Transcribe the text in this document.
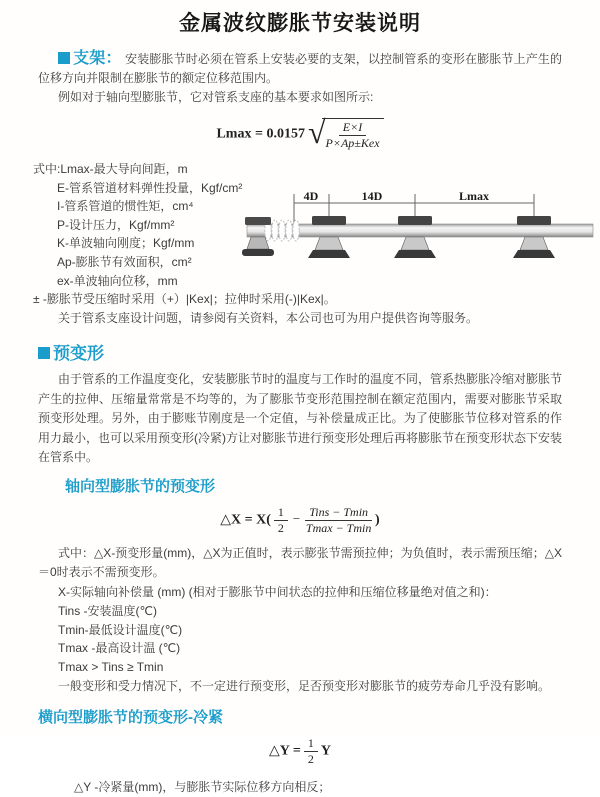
金属波纹膨胀节安装说明

支架： 安装膨胀节时必须在管系上安装必要的支架，以控制管系的变形在膨胀节上产生的位移方向并限制在膨胀节的额定位移范围内。

例如对于轴向型膨胀节，它对管系支座的基本要求如图所示:

Lmax = 0.0157 √ $\frac{E\times I}{\text{P×Ap±Kex}}$
式中:Lmax-最大导向间距，m
E-管系管道材料弹性投量，Kgf/cm²
I-管系管道的惯性矩，cm⁴
P-设计压力，Kgf/mm²
K-单波轴向刚度；Kgf/mm
Ap-膨胀节有效面积，cm²
ex-单波轴向位移，mm
4D	14D	Lmax

± -膨胀节受压缩时采用（+）|Kex|；拉伸时采用(-)|Kex|。

关于管系支座设计问题，请参阅有关资料，本公司也可为用户提供咨询等服务。

预变形

由于管系的工作温度变化，安装膨胀节时的温度与工作时的温度不同，管系热膨胀冷缩对膨胀节产生的拉伸、压缩量常常是不均等的，为了膨胀节变形范围控制在额定范围内，需要对膨胀节采取预变形处理。另外，由于膨账节刚度是一个定值，与补偿量成正比。为了使膨胀节位移对管系的作用力最小，也可以采用预变形(冷紧)方让对膨胀节进行预变形处理后再将膨胀节在预变形状态下安装在管系中。

轴向型膨胀节的预变形
△X = $X( \frac{1}{2} - \frac{\text{Tins − Tmin}}{Tmax - Tmin}$ )

式中：△X-预变形量(mm)，△X为正值时，表示膨张节需预拉伸；为负值时，表示需预压缩；△X＝0时表示不需预变形。

X-实际轴向补偿量 (mm) (相对于膨胀节中间状态的拉伸和压缩位移量绝对值之和)：

Tins -安装温度(℃)
Tmin-最低设计温度(℃)
Tmax -最高设计温 (℃)
Tmax > Tins ≥ Tmin

一般变形和受力情况下，不一定进行预变形，足否预变形对膨胀节的疲劳寿命几乎没有影响。

横向型膨胀节的预变形-冷紧
△Y = $\frac{1}{2}$ Y

△Y -冷紧量(mm)，与膨胀节实际位移方向相反；
